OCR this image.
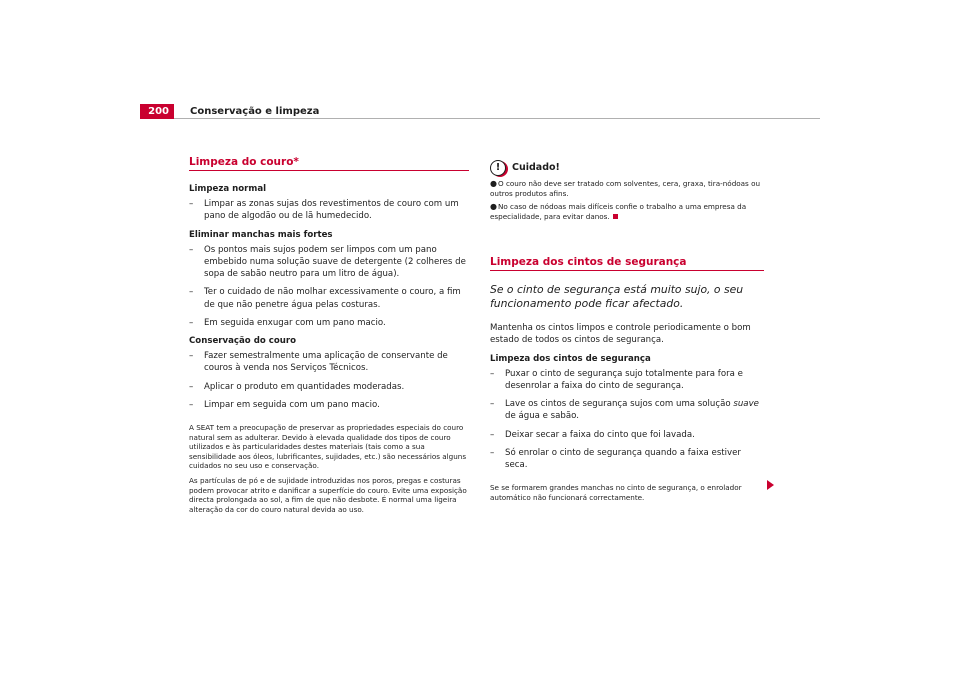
200	Conservação e limpeza
Limpeza do couro*
Limpeza normal
– Limpar as zonas sujas dos revestimentos de couro com um pano de algodão ou de lã humedecido.
Eliminar manchas mais fortes
– Os pontos mais sujos podem ser limpos com um pano embebido numa solução suave de detergente (2 colheres de sopa de sabão neutro para um litro de água).
– Ter o cuidado de não molhar excessivamente o couro, a fim de que não penetre água pelas costuras.
– Em seguida enxugar com um pano macio.
Conservação do couro
– Fazer semestralmente uma aplicação de conservante de couros à venda nos Serviços Técnicos.
– Aplicar o produto em quantidades moderadas.
– Limpar em seguida com um pano macio.

A SEAT tem a preocupação de preservar as propriedades especiais do couro natural sem as adulterar. Devido à elevada qualidade dos tipos de couro utilizados e às particularidades destes materiais (tais como a sua sensibilidade aos óleos, lubrificantes, sujidades, etc.) são necessários alguns cuidados no seu uso e conservação.

As partículas de pó e de sujidade introduzidas nos poros, pregas e costuras podem provocar atrito e danificar a superfície do couro. Evite uma exposição directa prolongada ao sol, a fim de que não desbote. É normal uma ligeira alteração da cor do couro natural devida ao uso.

!	Cuidado!
●O couro não deve ser tratado com solventes, cera, graxa, tira-nódoas ou outros produtos afins.
●No caso de nódoas mais difíceis confie o trabalho a uma empresa da especialidade, para evitar danos.
Limpeza dos cintos de segurança

Se o cinto de segurança está muito sujo, o seu funcionamento pode ficar afectado.

Mantenha os cintos limpos e controle periodicamente o bom estado de todos os cintos de segurança.

Limpeza dos cintos de segurança
– Puxar o cinto de segurança sujo totalmente para fora e desenrolar a faixa do cinto de segurança.
– Lave os cintos de segurança sujos com uma solução suave de água e sabão.
– Deixar secar a faixa do cinto que foi lavada.
– Só enrolar o cinto de segurança quando a faixa estiver seca.

Se se formarem grandes manchas no cinto de segurança, o enrolador automático não funcionará correctamente.
